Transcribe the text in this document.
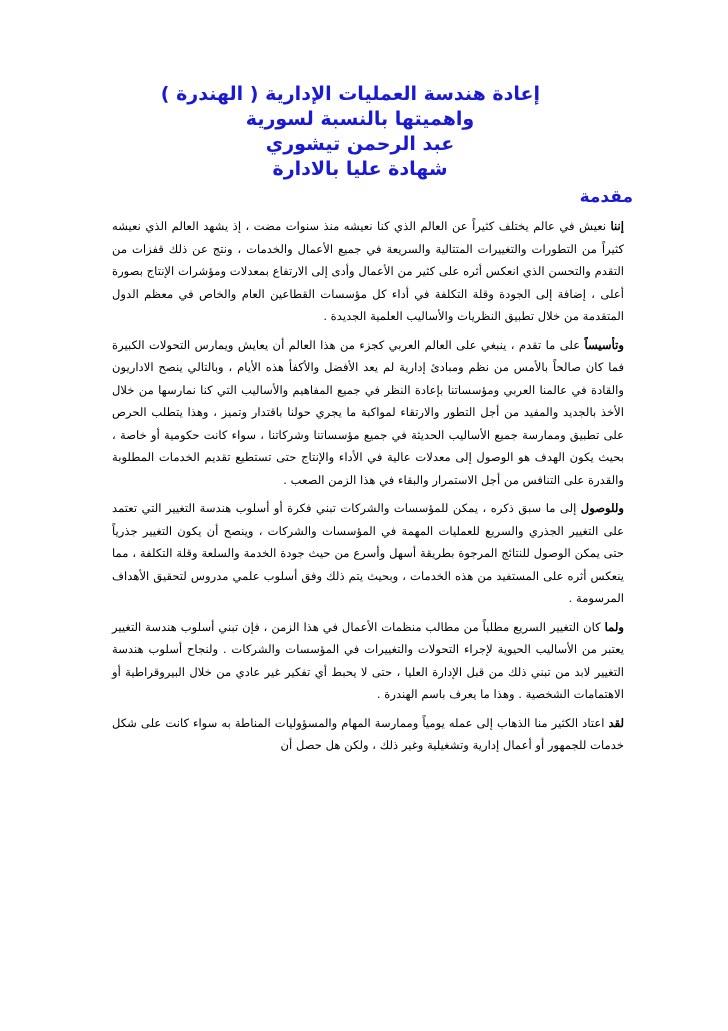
إعادة هندسة العمليات الإدارية ( الهندرة )
واهميتها بالنسبة لسورية
عبد الرحمن تيشوري
شهادة عليا بالادارة
مقدمة

إننا نعيش في عالم يختلف كثيراً عن العالم الذي كنا نعيشه منذ سنوات مضت ، إذ يشهد العالم الذي نعيشه كثيراً من التطورات والتغييرات المتتالية والسريعة في جميع الأعمال والخدمات ، ونتج عن ذلك قفزات من التقدم والتحسن الذي انعكس أثره على كثير من الأعمال وأدى إلى الارتفاع بمعدلات ومؤشرات الإنتاج بصورة أعلى ، إضافة إلى الجودة وقلة التكلفة في أداء كل مؤسسات القطاعين العام والخاص في معظم الدول المتقدمة من خلال تطبيق النظريات والأساليب العلمية الجديدة .

وتأسيساً على ما تقدم ، ينبغي على العالم العربي كجزء من هذا العالم أن يعايش ويمارس التحولات الكبيرة فما كان صالحاً بالأمس من نظم ومبادئ إدارية لم يعد الأفضل والأكفأ هذه الأيام ، وبالتالي ينصح الاداريون والقادة في عالمنا العربي ومؤسساتنا بإعادة النظر في جميع المفاهيم والأساليب التي كنا نمارسها من خلال الأخذ بالجديد والمفيد من أجل التطور والارتقاء لمواكبة ما يجري حولنا باقتدار وتميز ، وهذا يتطلب الحرص على تطبيق وممارسة جميع الأساليب الحديثة في جميع مؤسساتنا وشركاتنا ، سواء كانت حكومية أو خاصة ، بحيث يكون الهدف هو الوصول إلى معدلات عالية في الأداء والإنتاج حتى تستطيع تقديم الخدمات المطلوبة والقدرة على التنافس من أجل الاستمرار والبقاء في هذا الزمن الصعب .

وللوصول إلى ما سبق ذكره ، يمكن للمؤسسات والشركات تبني فكرة أو أسلوب هندسة التغيير التي تعتمد على التغيير الجذري والسريع للعمليات المهمة في المؤسسات والشركات ، وينصح أن يكون التغيير جذرياً حتى يمكن الوصول للنتائج المرجوة بطريقة أسهل وأسرع من حيث جودة الخدمة والسلعة وقلة التكلفة ، مما ينعكس أثره على المستفيد من هذه الخدمات ، وبحيث يتم ذلك وفق أسلوب علمي مدروس لتحقيق الأهداف المرسومة .

ولما كان التغيير السريع مطلباً من مطالب منظمات الأعمال في هذا الزمن ، فإن تبني أسلوب هندسة التغيير يعتبر من الأساليب الحيوية لإجراء التحولات والتغييرات في المؤسسات والشركات . ولنجاح أسلوب هندسة التغيير لابد من تبني ذلك من قبل الإدارة العليا ، حتى لا يحبط أي تفكير غير عادي من خلال البيروقراطية أو الاهتمامات الشخصية . وهذا ما يعرف باسم الهندرة .

لقد اعتاد الكثير منا الذهاب إلى عمله يومياً وممارسة المهام والمسؤوليات المناطة به سواء كانت على شكل خدمات للجمهور أو أعمال إدارية وتشغيلية وغير ذلك ، ولكن هل حصل أن
